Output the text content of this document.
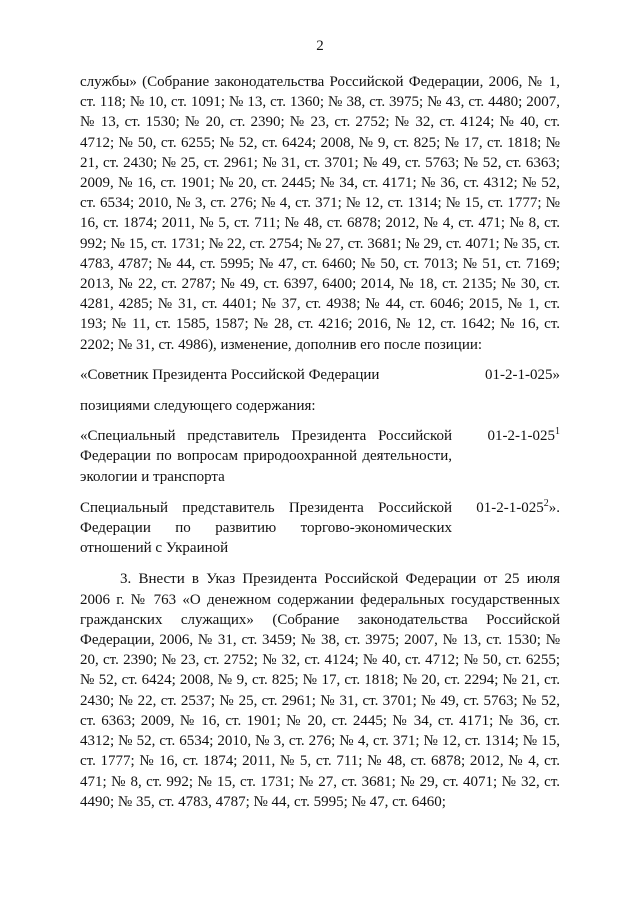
2

службы» (Собрание законодательства Российской Федерации, 2006, № 1, ст. 118; № 10, ст. 1091; № 13, ст. 1360; № 38, ст. 3975; № 43, ст. 4480; 2007, № 13, ст. 1530; № 20, ст. 2390; № 23, ст. 2752; № 32, ст. 4124; № 40, ст. 4712; № 50, ст. 6255; № 52, ст. 6424; 2008, № 9, ст. 825; № 17, ст. 1818; № 21, ст. 2430; № 25, ст. 2961; № 31, ст. 3701; № 49, ст. 5763; № 52, ст. 6363; 2009, № 16, ст. 1901; № 20, ст. 2445; № 34, ст. 4171; № 36, ст. 4312; № 52, ст. 6534; 2010, № 3, ст. 276; № 4, ст. 371; № 12, ст. 1314; № 15, ст. 1777; № 16, ст. 1874; 2011, № 5, ст. 711; № 48, ст. 6878; 2012, № 4, ст. 471; № 8, ст. 992; № 15, ст. 1731; № 22, ст. 2754; № 27, ст. 3681; № 29, ст. 4071; № 35, ст. 4783, 4787; № 44, ст. 5995; № 47, ст. 6460; № 50, ст. 7013; № 51, ст. 7169; 2013, № 22, ст. 2787; № 49, ст. 6397, 6400; 2014, № 18, ст. 2135; № 30, ст. 4281, 4285; № 31, ст. 4401; № 37, ст. 4938; № 44, ст. 6046; 2015, № 1, ст. 193; № 11, ст. 1585, 1587; № 28, ст. 4216; 2016, № 12, ст. 1642; № 16, ст. 2202; № 31, ст. 4986), изменение, дополнив его после позиции:

«Советник Президента Российской Федерации	01-2-1-025»

позициями следующего содержания:

«Специальный представитель Президента Российской Федерации по вопросам природоохранной деятельности, экологии и транспорта
$01-2-1-025^1$
Специальный представитель Президента Российской Федерации по развитию торгово-экономических отношений с Украиной
$01-2-1-025^2$».

3. Внести в Указ Президента Российской Федерации от 25 июля 2006 г. № 763 «О денежном содержании федеральных государственных гражданских служащих» (Собрание законодательства Российской Федерации, 2006, № 31, ст. 3459; № 38, ст. 3975; 2007, № 13, ст. 1530; № 20, ст. 2390; № 23, ст. 2752; № 32, ст. 4124; № 40, ст. 4712; № 50, ст. 6255; № 52, ст. 6424; 2008, № 9, ст. 825; № 17, ст. 1818; № 20, ст. 2294; № 21, ст. 2430; № 22, ст. 2537; № 25, ст. 2961; № 31, ст. 3701; № 49, ст. 5763; № 52, ст. 6363; 2009, № 16, ст. 1901; № 20, ст. 2445; № 34, ст. 4171; № 36, ст. 4312; № 52, ст. 6534; 2010, № 3, ст. 276; № 4, ст. 371; № 12, ст. 1314; № 15, ст. 1777; № 16, ст. 1874; 2011, № 5, ст. 711; № 48, ст. 6878; 2012, № 4, ст. 471; № 8, ст. 992; № 15, ст. 1731; № 27, ст. 3681; № 29, ст. 4071; № 32, ст. 4490; № 35, ст. 4783, 4787; № 44, ст. 5995; № 47, ст. 6460;
